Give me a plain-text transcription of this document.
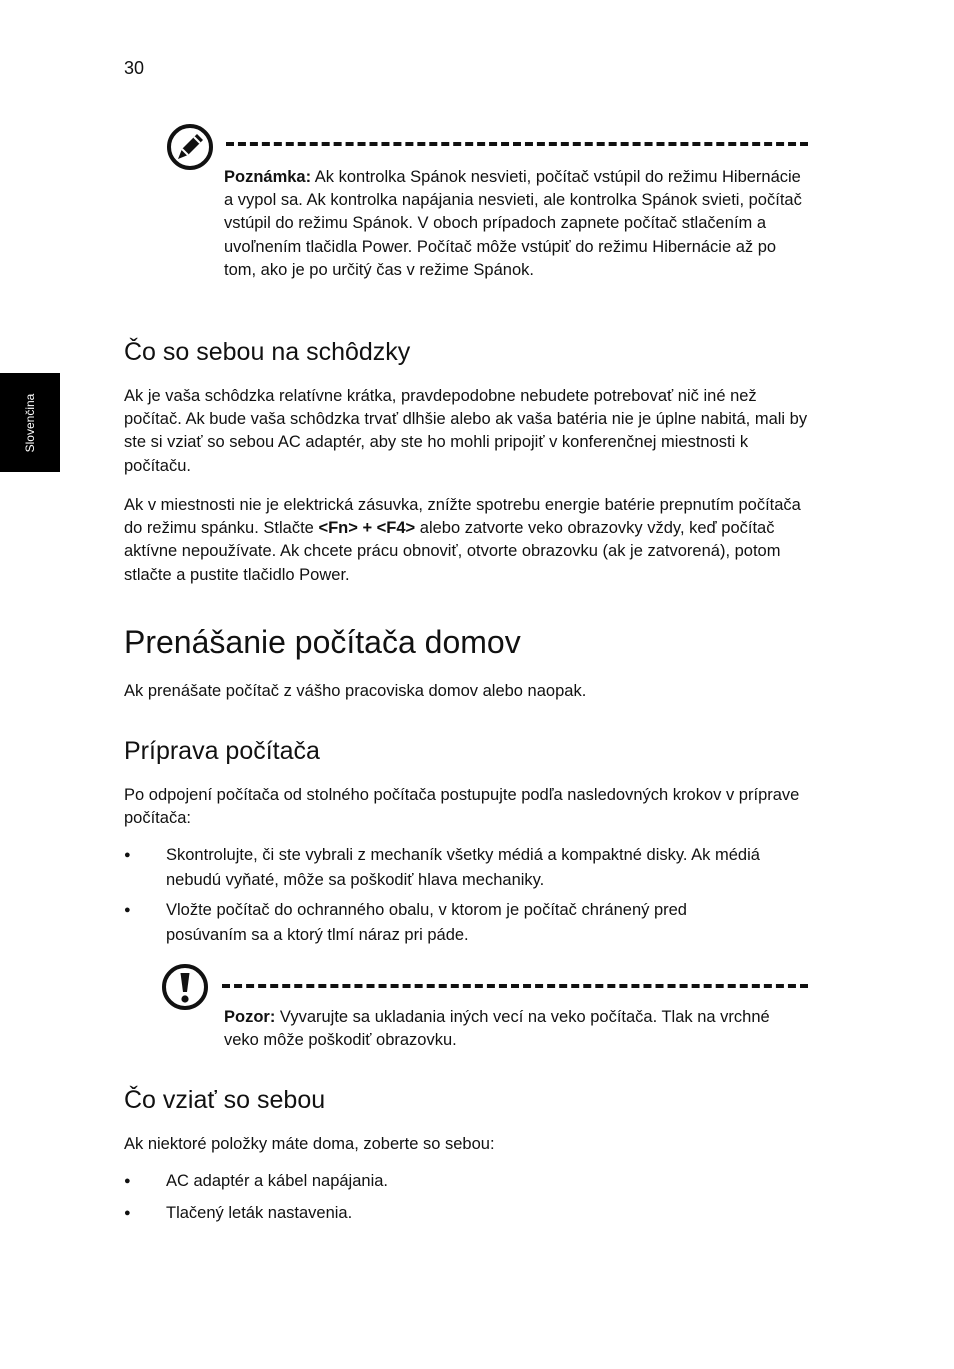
30
Slovenčina
Poznámka: Ak kontrolka Spánok nesvieti, počítač vstúpil do režimu Hibernácie a vypol sa. Ak kontrolka napájania nesvieti, ale kontrolka Spánok svieti, počítač vstúpil do režimu Spánok. V oboch prípadoch zapnete počítač stlačením a uvoľnením tlačidla Power. Počítač môže vstúpiť do režimu Hibernácie až po tom, ako je po určitý čas v režime Spánok.
Čo so sebou na schôdzky

Ak je vaša schôdzka relatívne krátka, pravdepodobne nebudete potrebovať nič iné než počítač. Ak bude vaša schôdzka trvať dlhšie alebo ak vaša batéria nie je úplne nabitá, mali by ste si vziať so sebou AC adaptér, aby ste ho mohli pripojiť v konferenčnej miestnosti k počítaču.

Ak v miestnosti nie je elektrická zásuvka, znížte spotrebu energie batérie prepnutím počítača do režimu spánku. Stlačte <Fn> + <F4> alebo zatvorte veko obrazovky vždy, keď počítač aktívne nepoužívate. Ak chcete prácu obnoviť, otvorte obrazovku (ak je zatvorená), potom stlačte a pustite tlačidlo Power.

Prenášanie počítača domov

Ak prenášate počítač z vášho pracoviska domov alebo naopak.

Príprava počítača

Po odpojení počítača od stolného počítača postupujte podľa nasledovných krokov v príprave počítača:

●	Skontrolujte, či ste vybrali z mechaník všetky médiá a kompaktné disky. Ak médiá nebudú vyňaté, môže sa poškodiť hlava mechaniky.
●	Vložte počítač do ochranného obalu, v ktorom je počítač chránený pred posúvaním sa a ktorý tlmí náraz pri páde.
Pozor: Vyvarujte sa ukladania iných vecí na veko počítača. Tlak na vrchné veko môže poškodiť obrazovku.
Čo vziať so sebou

Ak niektoré položky máte doma, zoberte so sebou:

●	AC adaptér a kábel napájania.
●	Tlačený leták nastavenia.
